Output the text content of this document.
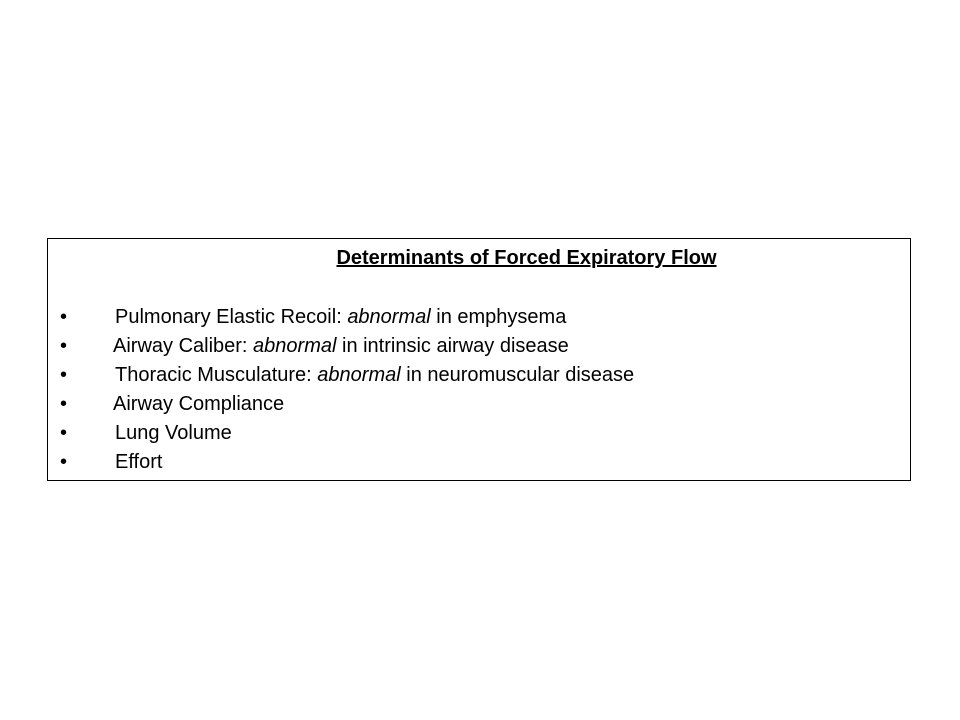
Determinants of Forced Expiratory Flow
• Pulmonary Elastic Recoil: abnormal in emphysema
• Airway Caliber: abnormal in intrinsic airway disease
• Thoracic Musculature: abnormal in neuromuscular disease
• Airway Compliance
• Lung Volume
• Effort
